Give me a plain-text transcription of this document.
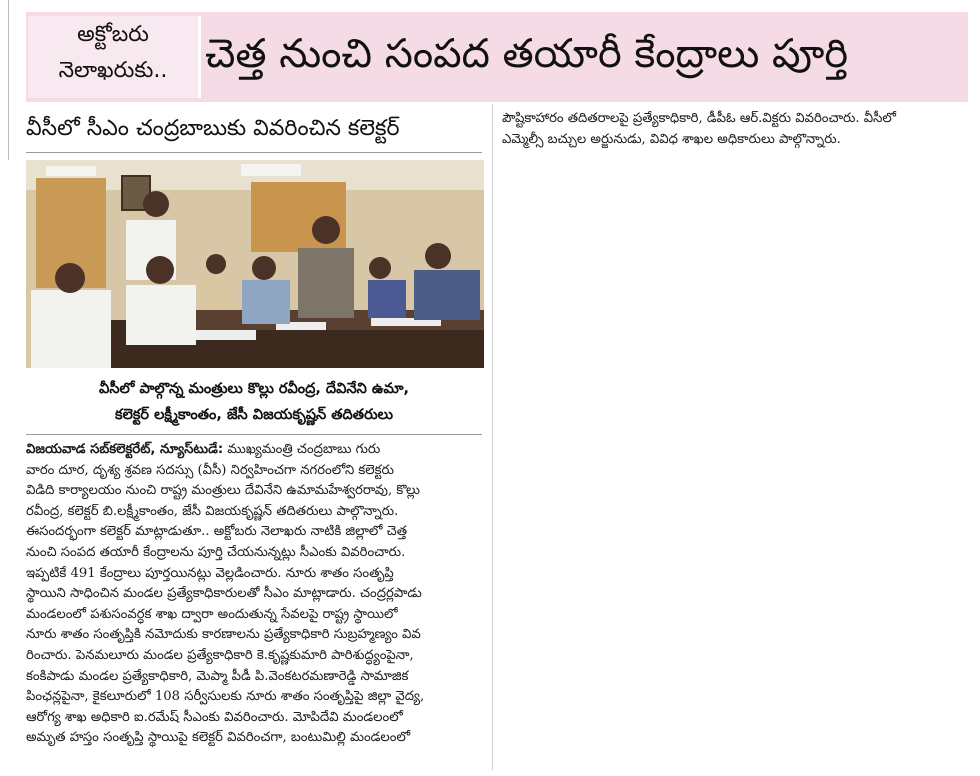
అక్టోబరు
నెలాఖరుకు.. చెత్త నుంచి సంపద తయారీ కేంద్రాలు పూర్తి
వీసీలో సీఎం చంద్రబాబుకు వివరించిన కలెక్టర్
వీసీలో పాల్గొన్న మంత్రులు కొల్లు రవీంద్ర, దేవినేని ఉమా,
కలెక్టర్ లక్ష్మీకాంతం, జేసీ విజయకృష్ణన్ తదితరులు
విజయవాడ సబ్‌కలెక్టరేట్, న్యూస్‌టుడే: ముఖ్యమంత్రి చంద్రబాబు గురు
వారం దూర, దృశ్య శ్రవణ సదస్సు (వీసీ) నిర్వహించగా నగరంలోని కలెక్టరు
విడిది కార్యాలయం నుంచి రాష్ట్ర మంత్రులు దేవినేని ఉమామహేశ్వరరావు, కొల్లు
రవీంద్ర, కలెక్టర్ బి.లక్ష్మీకాంతం, జేసీ విజయకృష్ణన్ తదితరులు పాల్గొన్నారు.
ఈసందర్భంగా కలెక్టర్ మాట్లాడుతూ.. అక్టోబరు నెలాఖరు నాటికి జిల్లాలో చెత్త
నుంచి సంపద తయారీ కేంద్రాలను పూర్తి చేయనున్నట్లు సీఎంకు వివరించారు.
ఇప్పటికే 491 కేంద్రాలు పూర్తయినట్లు వెల్లడించారు. నూరు శాతం సంతృప్తి
స్థాయిని సాధించిన మండల ప్రత్యేకాధికారులతో సీఎం మాట్లాడారు. చంద్రర్లపాడు
మండలంలో పశుసంవర్ధక శాఖ ద్వారా అందుతున్న సేవలపై రాష్ట్ర స్థాయిలో
నూరు శాతం సంతృప్తికి నమోదుకు కారణాలను ప్రత్యేకాధికారి సుబ్రహ్మణ్యం వివ
రించారు. పెనమలూరు మండల ప్రత్యేకాధికారి కె.కృష్ణకుమారి పారిశుద్ధ్యంపైనా,
కంకిపాడు మండల ప్రత్యేకాధికారి, మెప్మా పీడీ పి.వెంకటరమణారెడ్డి సామాజిక
పింఛన్లపైనా, కైకలూరులో 108 సర్వీసులకు నూరు శాతం సంతృప్తిపై జిల్లా వైద్య,
ఆరోగ్య శాఖ అధికారి ఐ.రమేష్ సీఎంకు వివరించారు. మోపిదేవి మండలంలో
అమృత హస్తం సంతృప్తి స్థాయిపై కలెక్టర్ వివరించగా, బంటుమిల్లి మండలంలో
పౌష్టికాహారం తదితరాలపై ప్రత్యేకాధికారి, డీపీఓ ఆర్.విక్టరు వివరించారు. వీసీలో
ఎమ్మెల్సీ బచ్చుల అర్జునుడు, వివిధ శాఖల అధికారులు పాల్గొన్నారు.
